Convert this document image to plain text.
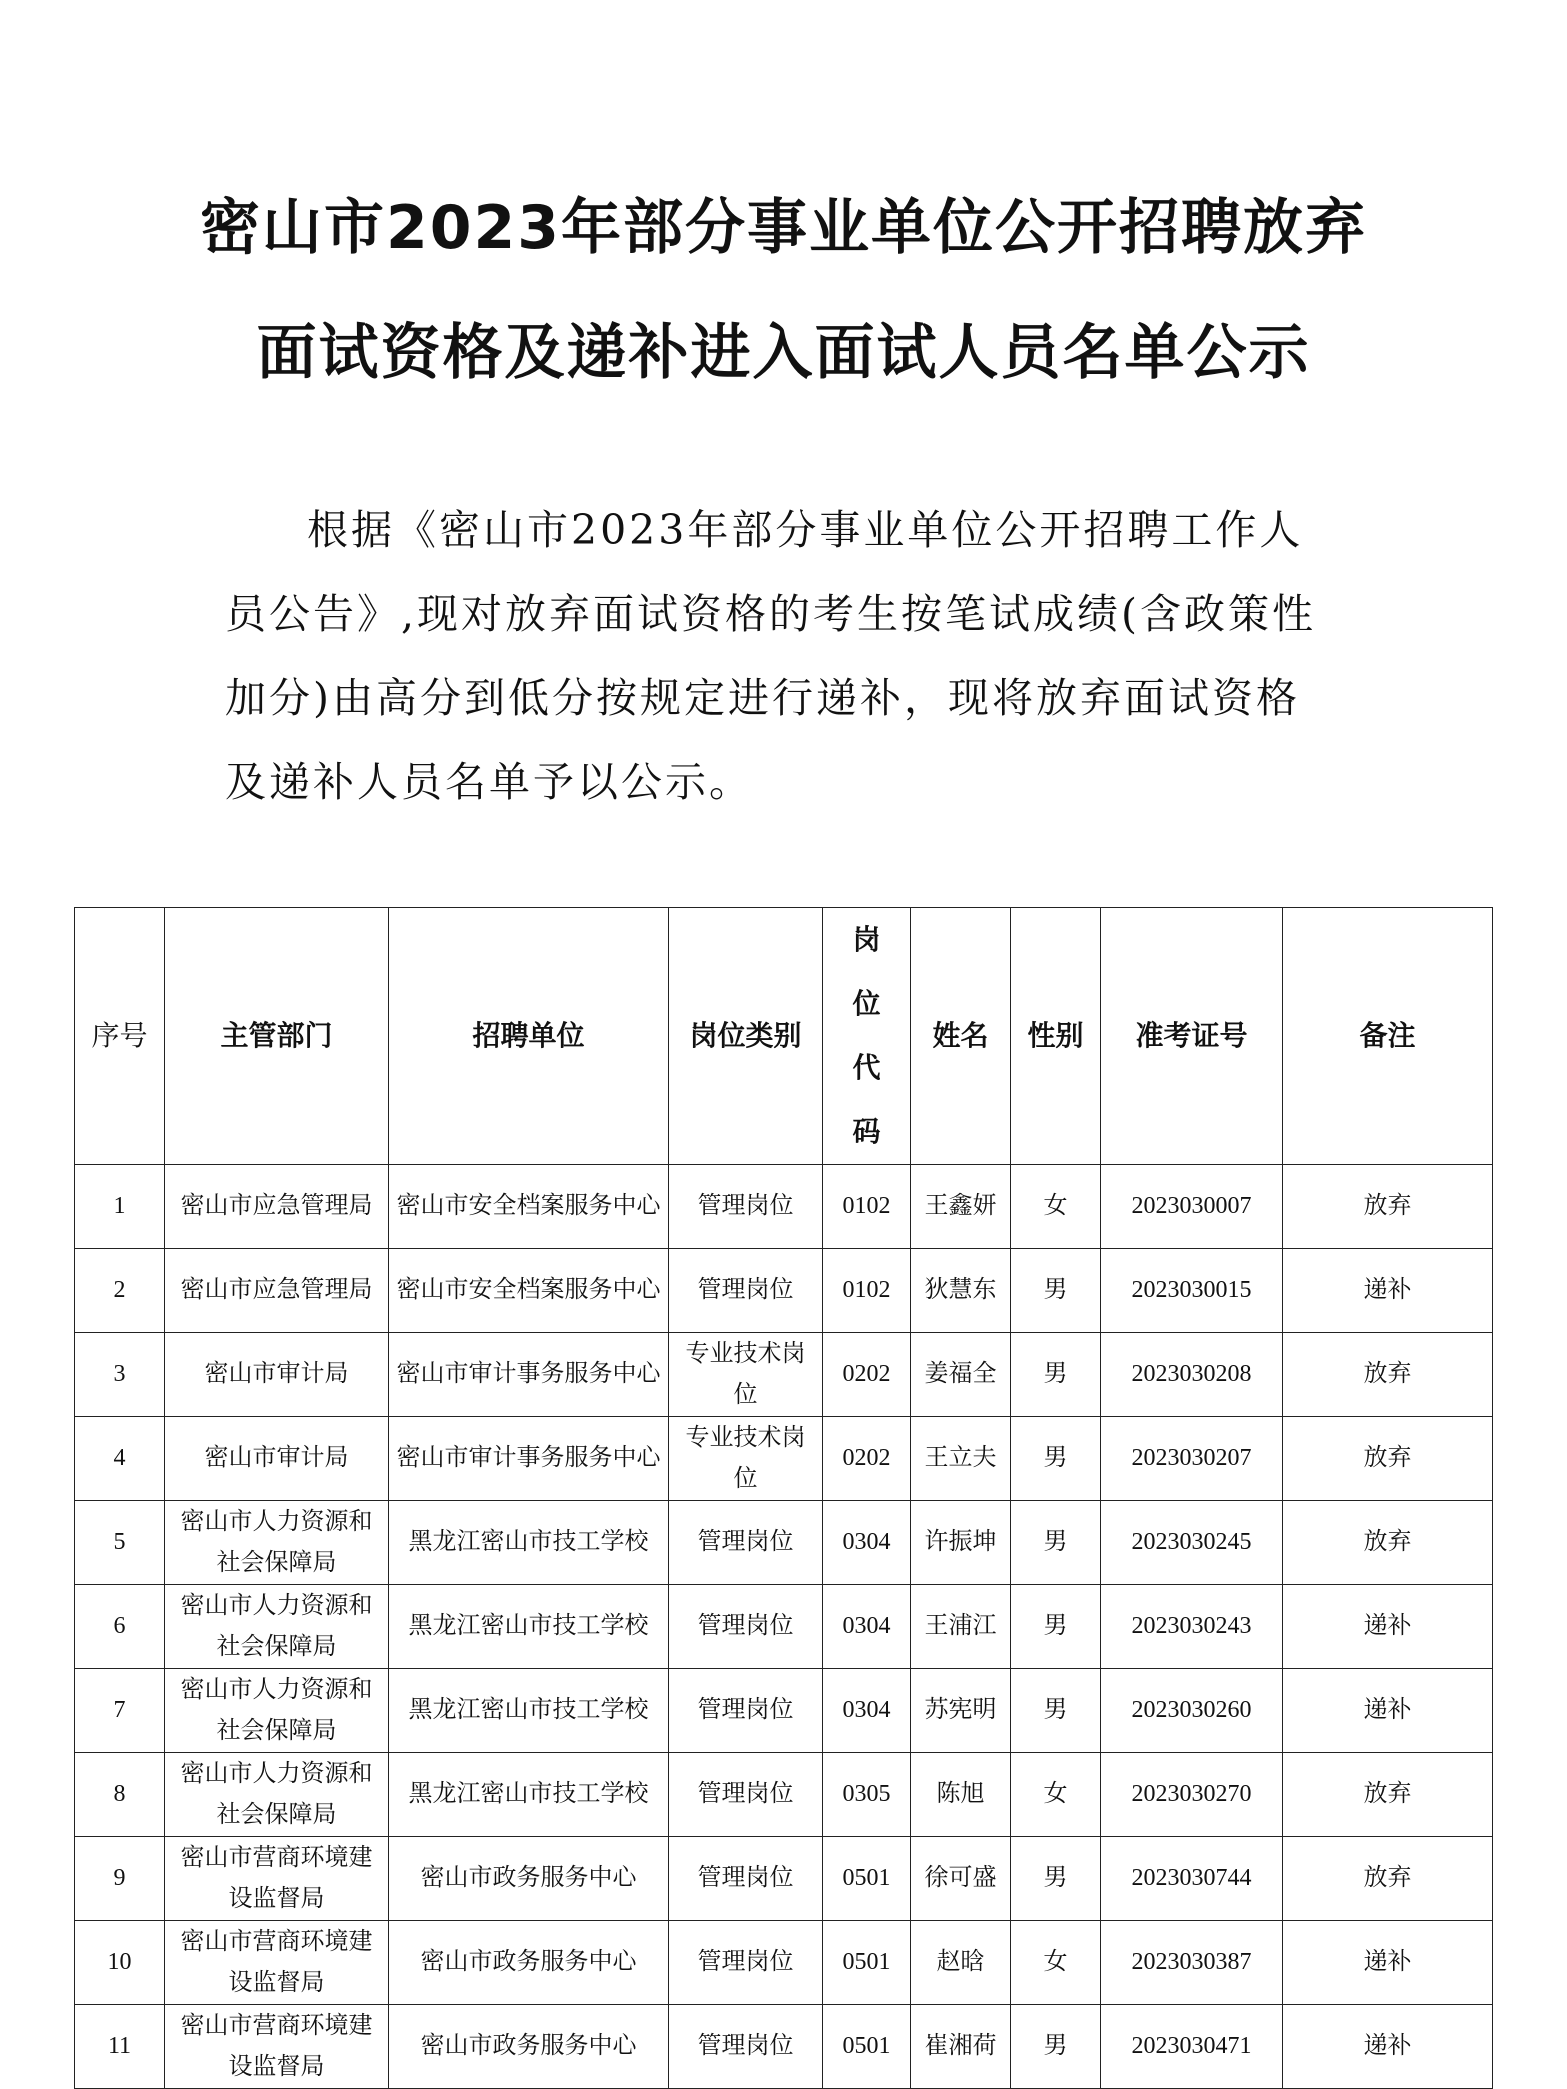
密山市2023年部分事业单位公开招聘放弃
面试资格及递补进入面试人员名单公示

根据《密山市2023年部分事业单位公开招聘工作人员公告》,现对放弃面试资格的考生按笔试成绩(含政策性加分)由高分到低分按规定进行递补，现将放弃面试资格及递补人员名单予以公示。

序号	主管部门	招聘单位	岗位类别	岗位代码	姓名	性别	准考证号	备注
1	密山市应急管理局	密山市安全档案服务中心	管理岗位	0102	王鑫妍	女	2023030007	放弃
2	密山市应急管理局	密山市安全档案服务中心	管理岗位	0102	狄慧东	男	2023030015	递补
3	密山市审计局	密山市审计事务服务中心	专业技术岗位	0202	姜福全	男	2023030208	放弃
4	密山市审计局	密山市审计事务服务中心	专业技术岗位	0202	王立夫	男	2023030207	放弃
5	密山市人力资源和社会保障局	黑龙江密山市技工学校	管理岗位	0304	许振坤	男	2023030245	放弃
6	密山市人力资源和社会保障局	黑龙江密山市技工学校	管理岗位	0304	王浦江	男	2023030243	递补
7	密山市人力资源和社会保障局	黑龙江密山市技工学校	管理岗位	0304	苏宪明	男	2023030260	递补
8	密山市人力资源和社会保障局	黑龙江密山市技工学校	管理岗位	0305	陈旭	女	2023030270	放弃
9	密山市营商环境建设监督局	密山市政务服务中心	管理岗位	0501	徐可盛	男	2023030744	放弃
10	密山市营商环境建设监督局	密山市政务服务中心	管理岗位	0501	赵晗	女	2023030387	递补
11	密山市营商环境建设监督局	密山市政务服务中心	管理岗位	0501	崔湘荷	男	2023030471	递补
